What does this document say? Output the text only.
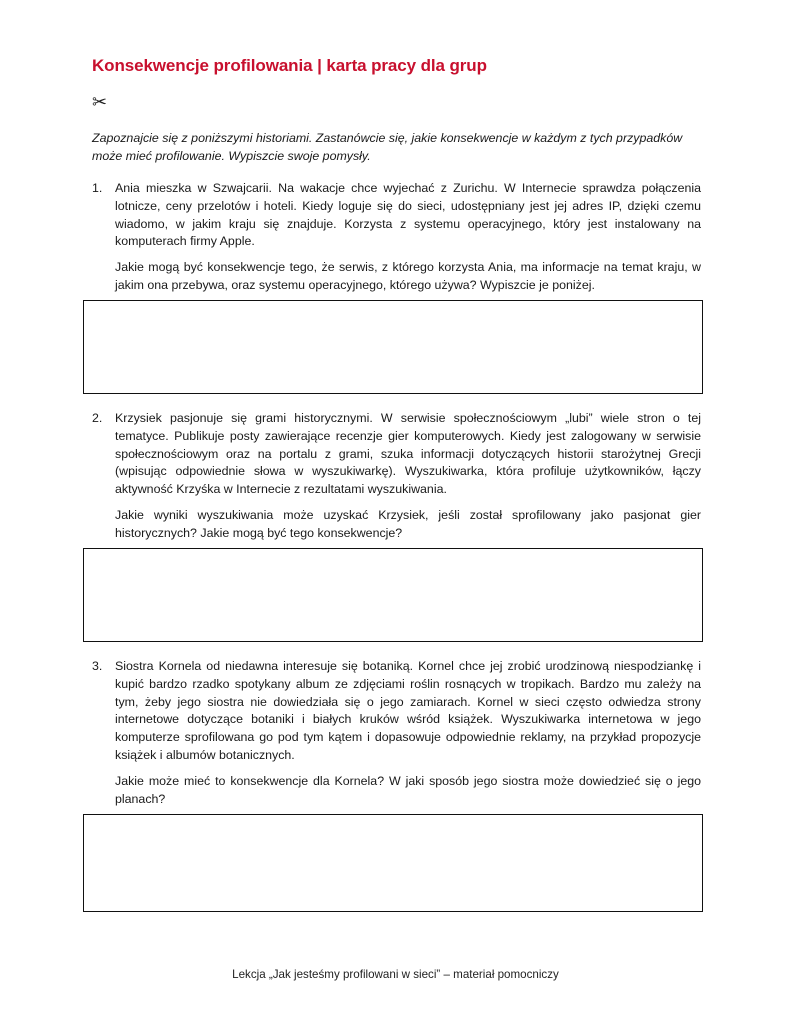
Konsekwencje profilowania | karta pracy dla grup
✂

Zapoznajcie się z poniższymi historiami. Zastanówcie się, jakie konsekwencje w każdym z tych przypadków może mieć profilowanie. Wypiszcie swoje pomysły.

1. Ania mieszka w Szwajcarii. Na wakacje chce wyjechać z Zurichu. W Internecie sprawdza połączenia lotnicze, ceny przelotów i hoteli. Kiedy loguje się do sieci, udostępniany jest jej adres IP, dzięki czemu wiadomo, w jakim kraju się znajduje. Korzysta z systemu operacyjnego, który jest instalowany na komputerach firmy Apple.

Jakie mogą być konsekwencje tego, że serwis, z którego korzysta Ania, ma informacje na temat kraju, w jakim ona przebywa, oraz systemu operacyjnego, którego używa? Wypiszcie je poniżej.

2. Krzysiek pasjonuje się grami historycznymi. W serwisie społecznościowym „lubi” wiele stron o tej tematyce. Publikuje posty zawierające recenzje gier komputerowych. Kiedy jest zalogowany w serwisie społecznościowym oraz na portalu z grami, szuka informacji dotyczących historii starożytnej Grecji (wpisując odpowiednie słowa w wyszukiwarkę). Wyszukiwarka, która profiluje użytkowników, łączy aktywność Krzyśka w Internecie z rezultatami wyszukiwania.

Jakie wyniki wyszukiwania może uzyskać Krzysiek, jeśli został sprofilowany jako pasjonat gier historycznych? Jakie mogą być tego konsekwencje?

3. Siostra Kornela od niedawna interesuje się botaniką. Kornel chce jej zrobić urodzinową niespodziankę i kupić bardzo rzadko spotykany album ze zdjęciami roślin rosnących w tropikach. Bardzo mu zależy na tym, żeby jego siostra nie dowiedziała się o jego zamiarach. Kornel w sieci często odwiedza strony internetowe dotyczące botaniki i białych kruków wśród książek. Wyszukiwarka internetowa w jego komputerze sprofilowana go pod tym kątem i dopasowuje odpowiednie reklamy, na przykład propozycje książek i albumów botanicznych.

Jakie może mieć to konsekwencje dla Kornela? W jaki sposób jego siostra może dowiedzieć się o jego planach?

Lekcja „Jak jesteśmy profilowani w sieci” – materiał pomocniczy
